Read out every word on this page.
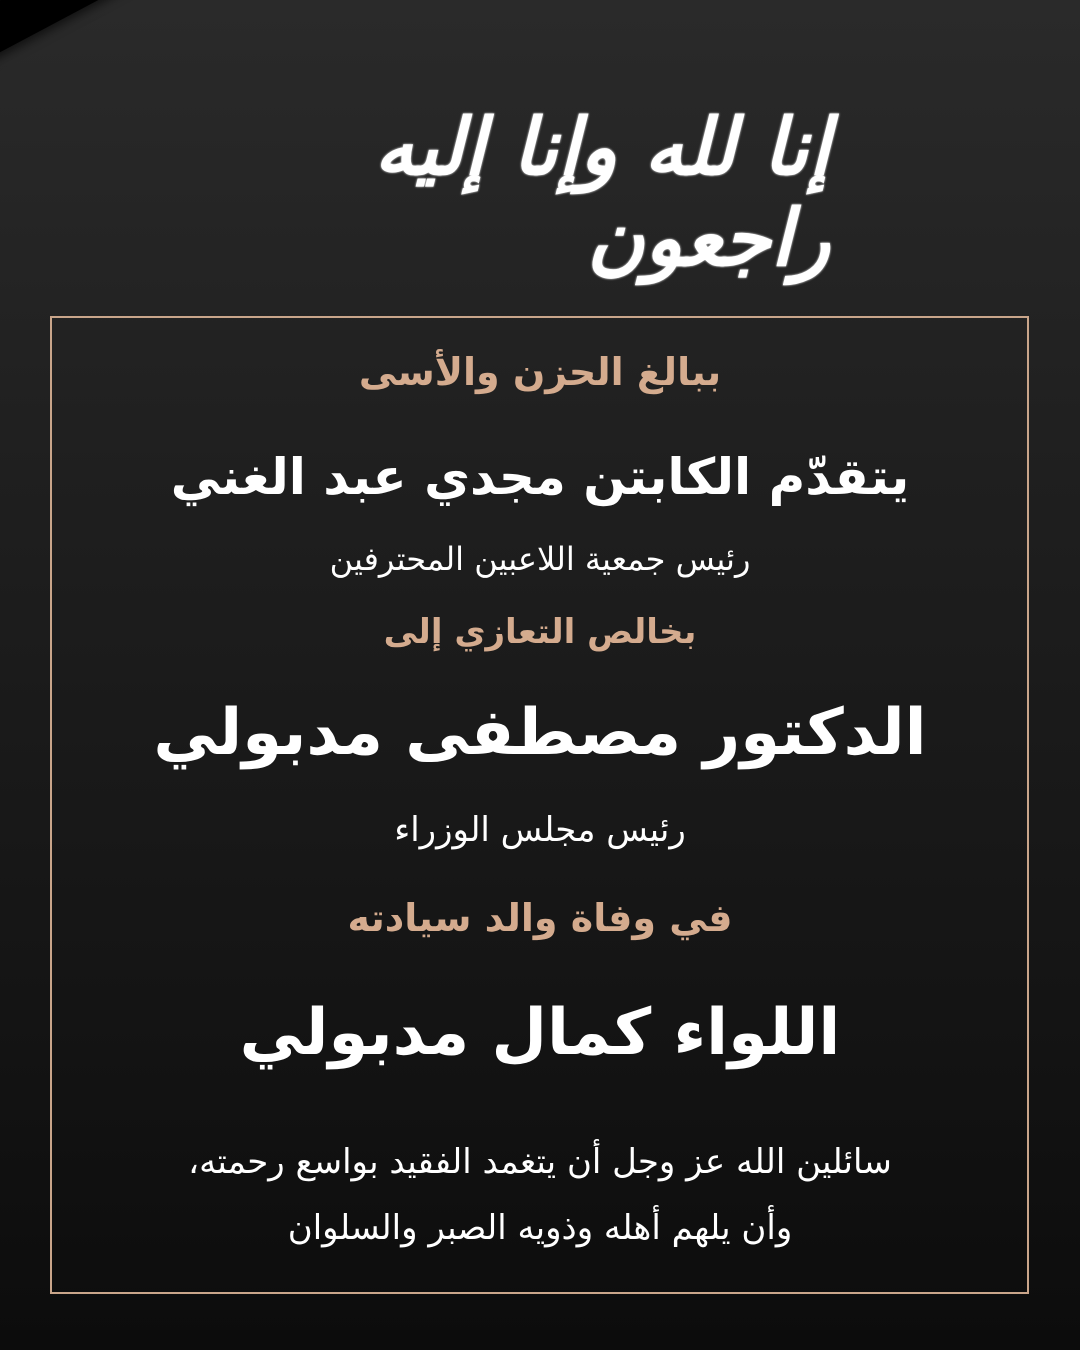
إنا لله وإنا إليه راجعون
ببالغ الحزن والأسى
يتقدّم الكابتن مجدي عبد الغني
رئيس جمعية اللاعبين المحترفين
بخالص التعازي إلى
الدكتور مصطفى مدبولي
رئيس مجلس الوزراء
في وفاة والد سيادته
اللواء كمال مدبولي
سائلين الله عز وجل أن يتغمد الفقيد بواسع رحمته،
وأن يلهم أهله وذويه الصبر والسلوان
